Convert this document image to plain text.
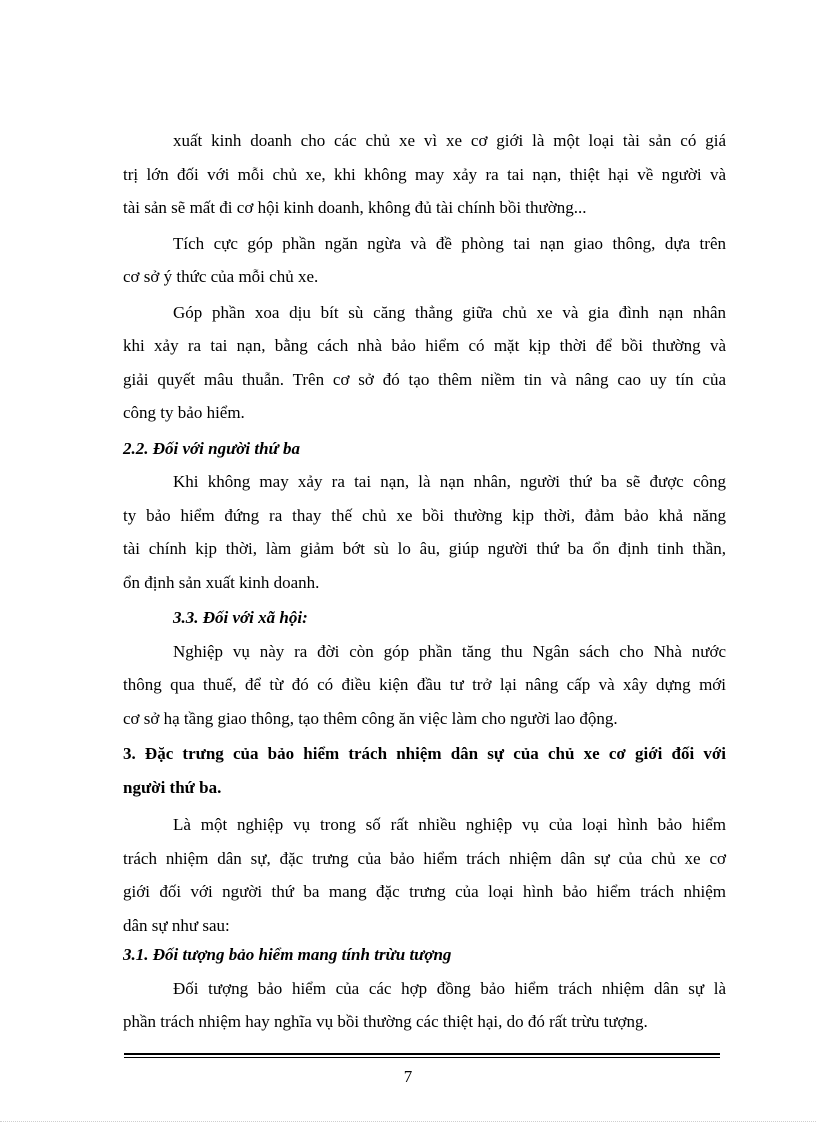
xuất kinh doanh cho các chủ xe vì xe cơ giới là một loại tài sản có giá
trị lớn đối với mỗi chủ xe, khi không may xảy ra tai nạn, thiệt hại về người và
tài sản sẽ mất đi cơ hội kinh doanh, không đủ tài chính bồi thường...
Tích cực góp phần ngăn ngừa và đề phòng tai nạn giao thông, dựa trên
cơ sở ý thức của mỗi chủ xe.
Góp phần xoa dịu bít sù căng thẳng giữa chủ xe và gia đình nạn nhân
khi xảy ra tai nạn, bằng cách nhà bảo hiểm có mặt kịp thời để bồi thường và
giải quyết mâu thuẫn. Trên cơ sở đó tạo thêm niềm tin và nâng cao uy tín của
công ty bảo hiểm.

2.2. Đối với người thứ ba

Khi không may xảy ra tai nạn, là nạn nhân, người thứ ba sẽ được công
ty bảo hiểm đứng ra thay thế chủ xe bồi thường kịp thời, đảm bảo khả năng
tài chính kịp thời, làm giảm bớt sù lo âu, giúp người thứ ba ổn định tinh thần,
ổn định sản xuất kinh doanh.

3.3. Đối với xã hội:

Nghiệp vụ này ra đời còn góp phần tăng thu Ngân sách cho Nhà nước
thông qua thuế, để từ đó có điều kiện đầu tư trở lại nâng cấp và xây dựng mới
cơ sở hạ tầng giao thông, tạo thêm công ăn việc làm cho người lao động.
3. Đặc trưng của bảo hiểm trách nhiệm dân sự của chủ xe cơ giới đối với
người thứ ba.
Là một nghiệp vụ trong số rất nhiều nghiệp vụ của loại hình bảo hiểm
trách nhiệm dân sự, đặc trưng của bảo hiểm trách nhiệm dân sự của chủ xe cơ
giới đối với người thứ ba mang đặc trưng của loại hình bảo hiểm trách nhiệm
dân sự như sau:

3.1. Đối tượng bảo hiểm mang tính trừu tượng

Đối tượng bảo hiểm của các hợp đồng bảo hiểm trách nhiệm dân sự là
phần trách nhiệm hay nghĩa vụ bồi thường các thiệt hại, do đó rất trừu tượng.
7
